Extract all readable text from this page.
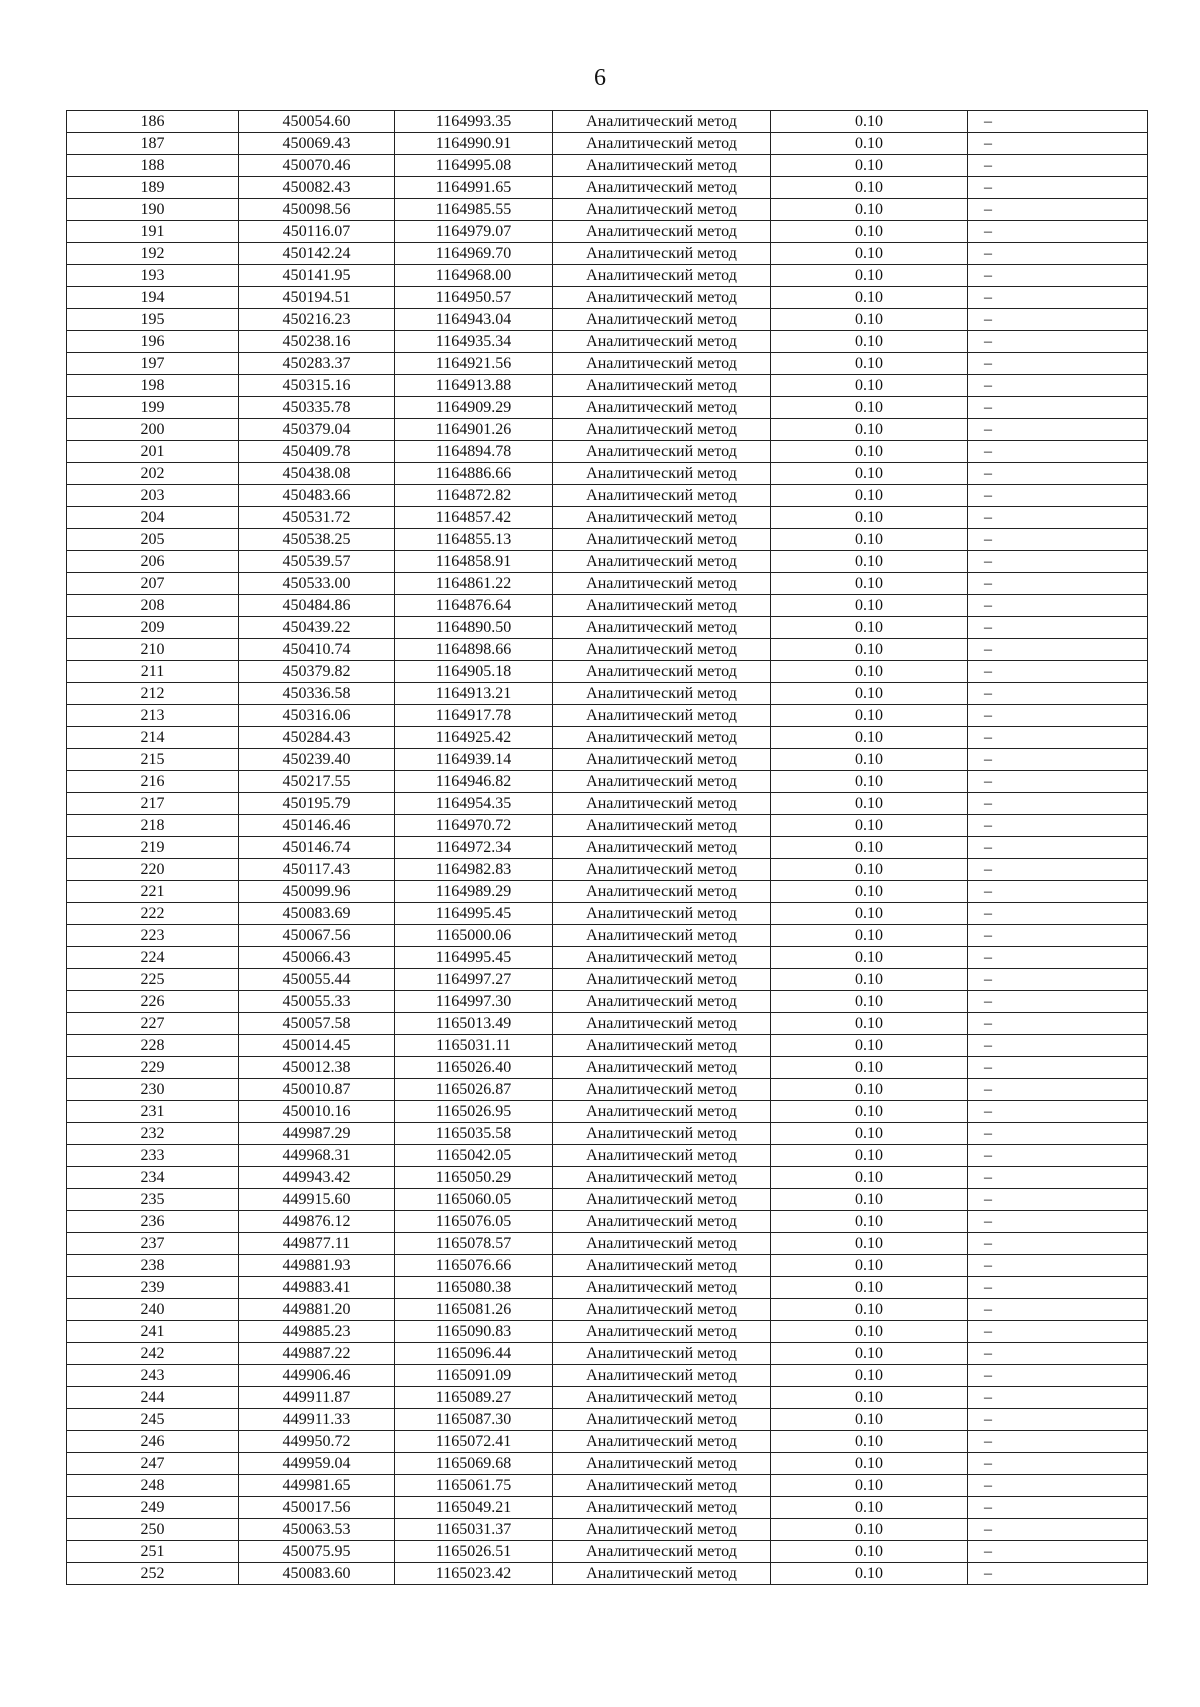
6
186	450054.60	1164993.35	Аналитический метод	0.10	–
187	450069.43	1164990.91	Аналитический метод	0.10	–
188	450070.46	1164995.08	Аналитический метод	0.10	–
189	450082.43	1164991.65	Аналитический метод	0.10	–
190	450098.56	1164985.55	Аналитический метод	0.10	–
191	450116.07	1164979.07	Аналитический метод	0.10	–
192	450142.24	1164969.70	Аналитический метод	0.10	–
193	450141.95	1164968.00	Аналитический метод	0.10	–
194	450194.51	1164950.57	Аналитический метод	0.10	–
195	450216.23	1164943.04	Аналитический метод	0.10	–
196	450238.16	1164935.34	Аналитический метод	0.10	–
197	450283.37	1164921.56	Аналитический метод	0.10	–
198	450315.16	1164913.88	Аналитический метод	0.10	–
199	450335.78	1164909.29	Аналитический метод	0.10	–
200	450379.04	1164901.26	Аналитический метод	0.10	–
201	450409.78	1164894.78	Аналитический метод	0.10	–
202	450438.08	1164886.66	Аналитический метод	0.10	–
203	450483.66	1164872.82	Аналитический метод	0.10	–
204	450531.72	1164857.42	Аналитический метод	0.10	–
205	450538.25	1164855.13	Аналитический метод	0.10	–
206	450539.57	1164858.91	Аналитический метод	0.10	–
207	450533.00	1164861.22	Аналитический метод	0.10	–
208	450484.86	1164876.64	Аналитический метод	0.10	–
209	450439.22	1164890.50	Аналитический метод	0.10	–
210	450410.74	1164898.66	Аналитический метод	0.10	–
211	450379.82	1164905.18	Аналитический метод	0.10	–
212	450336.58	1164913.21	Аналитический метод	0.10	–
213	450316.06	1164917.78	Аналитический метод	0.10	–
214	450284.43	1164925.42	Аналитический метод	0.10	–
215	450239.40	1164939.14	Аналитический метод	0.10	–
216	450217.55	1164946.82	Аналитический метод	0.10	–
217	450195.79	1164954.35	Аналитический метод	0.10	–
218	450146.46	1164970.72	Аналитический метод	0.10	–
219	450146.74	1164972.34	Аналитический метод	0.10	–
220	450117.43	1164982.83	Аналитический метод	0.10	–
221	450099.96	1164989.29	Аналитический метод	0.10	–
222	450083.69	1164995.45	Аналитический метод	0.10	–
223	450067.56	1165000.06	Аналитический метод	0.10	–
224	450066.43	1164995.45	Аналитический метод	0.10	–
225	450055.44	1164997.27	Аналитический метод	0.10	–
226	450055.33	1164997.30	Аналитический метод	0.10	–
227	450057.58	1165013.49	Аналитический метод	0.10	–
228	450014.45	1165031.11	Аналитический метод	0.10	–
229	450012.38	1165026.40	Аналитический метод	0.10	–
230	450010.87	1165026.87	Аналитический метод	0.10	–
231	450010.16	1165026.95	Аналитический метод	0.10	–
232	449987.29	1165035.58	Аналитический метод	0.10	–
233	449968.31	1165042.05	Аналитический метод	0.10	–
234	449943.42	1165050.29	Аналитический метод	0.10	–
235	449915.60	1165060.05	Аналитический метод	0.10	–
236	449876.12	1165076.05	Аналитический метод	0.10	–
237	449877.11	1165078.57	Аналитический метод	0.10	–
238	449881.93	1165076.66	Аналитический метод	0.10	–
239	449883.41	1165080.38	Аналитический метод	0.10	–
240	449881.20	1165081.26	Аналитический метод	0.10	–
241	449885.23	1165090.83	Аналитический метод	0.10	–
242	449887.22	1165096.44	Аналитический метод	0.10	–
243	449906.46	1165091.09	Аналитический метод	0.10	–
244	449911.87	1165089.27	Аналитический метод	0.10	–
245	449911.33	1165087.30	Аналитический метод	0.10	–
246	449950.72	1165072.41	Аналитический метод	0.10	–
247	449959.04	1165069.68	Аналитический метод	0.10	–
248	449981.65	1165061.75	Аналитический метод	0.10	–
249	450017.56	1165049.21	Аналитический метод	0.10	–
250	450063.53	1165031.37	Аналитический метод	0.10	–
251	450075.95	1165026.51	Аналитический метод	0.10	–
252	450083.60	1165023.42	Аналитический метод	0.10	–
